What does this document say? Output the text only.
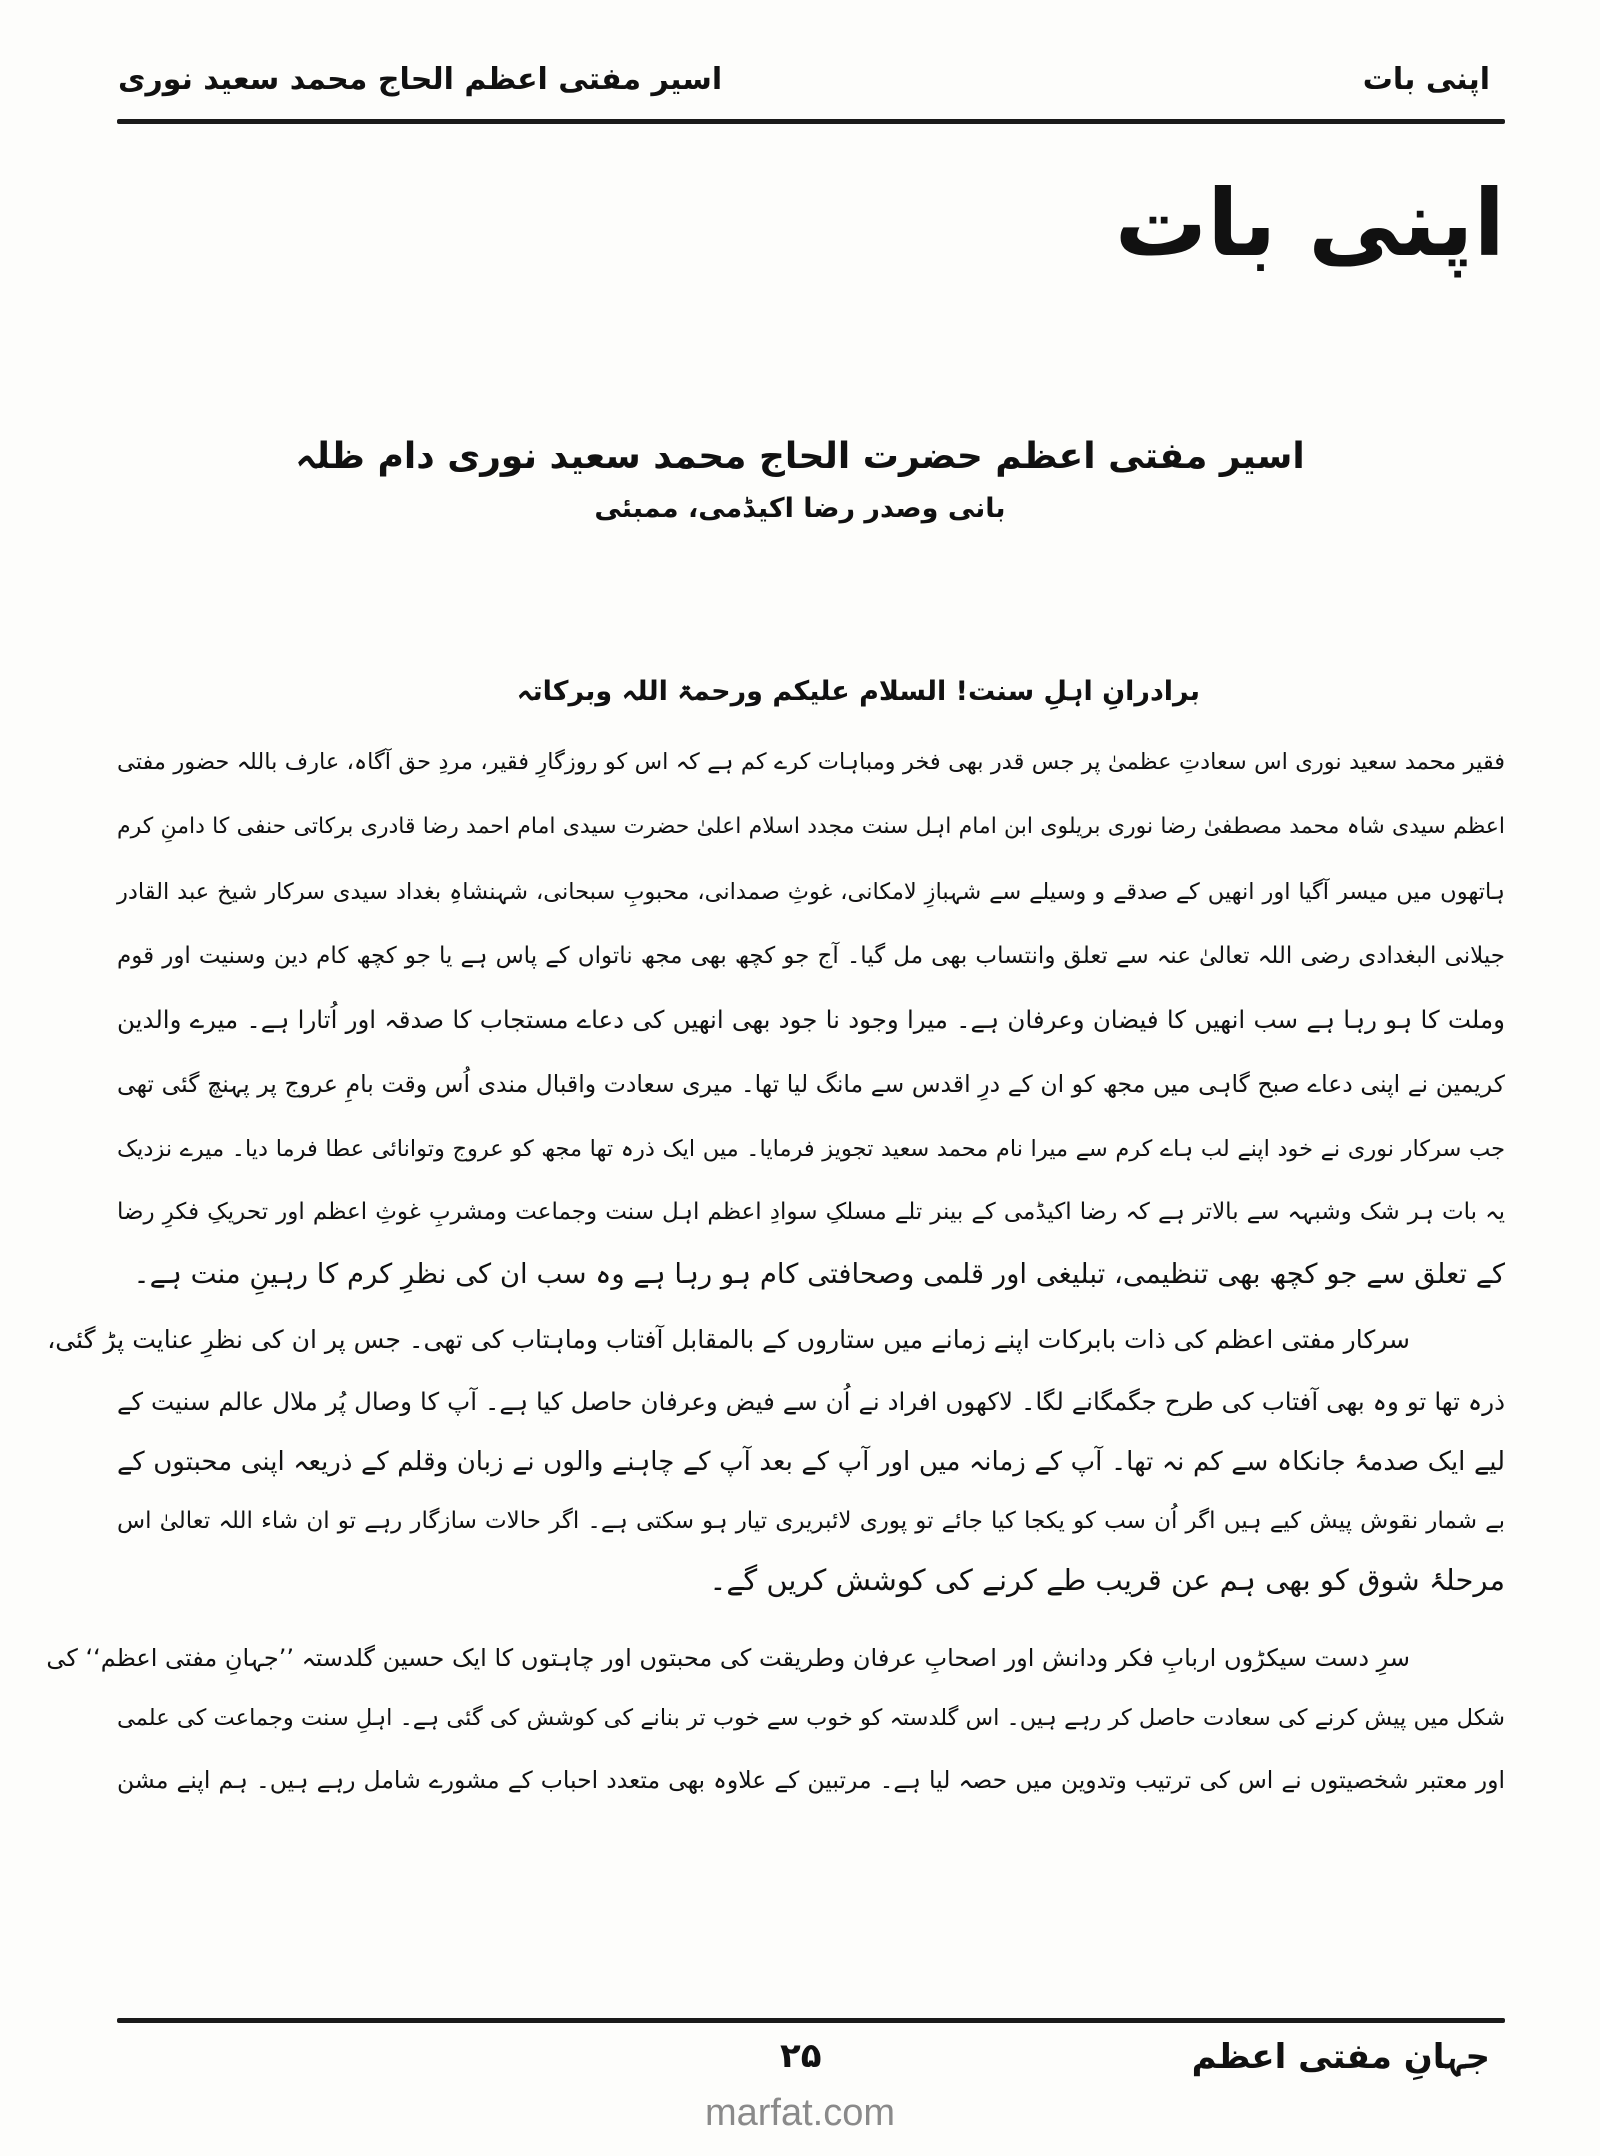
اپنی بات
اسیر مفتی اعظم الحاج محمد سعید نوری
اپنی بات
اسیر مفتی اعظم حضرت الحاج محمد سعید نوری دام ظلہ
بانی وصدر رضا اکیڈمی، ممبئی
برادرانِ اہلِ سنت! السلام علیکم ورحمۃ اللہ وبرکاتہ
فقیر محمد سعید نوری اس سعادتِ عظمیٰ پر جس قدر بھی فخر ومباہات کرے کم ہے کہ اس کو روزگارِ فقیر، مردِ حق آگاہ، عارف باللہ حضور مفتی
اعظم سیدی شاہ محمد مصطفیٰ رضا نوری بریلوی ابن امام اہل سنت مجدد اسلام اعلیٰ حضرت سیدی امام احمد رضا قادری برکاتی حنفی کا دامنِ کرم
ہاتھوں میں میسر آگیا اور انھیں کے صدقے و وسیلے سے شہبازِ لامکانی، غوثِ صمدانی، محبوبِ سبحانی، شہنشاہِ بغداد سیدی سرکار شیخ عبد القادر
جیلانی البغدادی رضی اللہ تعالیٰ عنہ سے تعلق وانتساب بھی مل گیا۔ آج جو کچھ بھی مجھ ناتواں کے پاس ہے یا جو کچھ کام دین وسنیت اور قوم
وملت کا ہو رہا ہے سب انھیں کا فیضان وعرفان ہے۔ میرا وجود نا جود بھی انھیں کی دعاے مستجاب کا صدقہ اور اُتارا ہے۔ میرے والدین
کریمین نے اپنی دعاے صبح گاہی میں مجھ کو ان کے درِ اقدس سے مانگ لیا تھا۔ میری سعادت واقبال مندی اُس وقت بامِ عروج پر پہنچ گئی تھی
جب سرکار نوری نے خود اپنے لب ہاے کرم سے میرا نام محمد سعید تجویز فرمایا۔ میں ایک ذرہ تھا مجھ کو عروج وتوانائی عطا فرما دیا۔ میرے نزدیک
یہ بات ہر شک وشبہہ سے بالاتر ہے کہ رضا اکیڈمی کے بینر تلے مسلکِ سوادِ اعظم اہل سنت وجماعت ومشربِ غوثِ اعظم اور تحریکِ فکرِ رضا
کے تعلق سے جو کچھ بھی تنظیمی، تبلیغی اور قلمی وصحافتی کام ہو رہا ہے وہ سب ان کی نظرِ کرم کا رہینِ منت ہے۔
سرکار مفتی اعظم کی ذات بابرکات اپنے زمانے میں ستاروں کے بالمقابل آفتاب وماہتاب کی تھی۔ جس پر ان کی نظرِ عنایت پڑ گئی،
ذرہ تھا تو وہ بھی آفتاب کی طرح جگمگانے لگا۔ لاکھوں افراد نے اُن سے فیض وعرفان حاصل کیا ہے۔ آپ کا وصال پُر ملال عالم سنیت کے
لیے ایک صدمۂ جانکاہ سے کم نہ تھا۔ آپ کے زمانہ میں اور آپ کے بعد آپ کے چاہنے والوں نے زبان وقلم کے ذریعہ اپنی محبتوں کے
بے شمار نقوش پیش کیے ہیں اگر اُن سب کو یکجا کیا جائے تو پوری لائبریری تیار ہو سکتی ہے۔ اگر حالات سازگار رہے تو ان شاء اللہ تعالیٰ اس
مرحلۂ شوق کو بھی ہم عن قریب طے کرنے کی کوشش کریں گے۔
سرِ دست سیکڑوں اربابِ فکر ودانش اور اصحابِ عرفان وطریقت کی محبتوں اور چاہتوں کا ایک حسین گلدستہ ’’جہانِ مفتی اعظم‘‘ کی
شکل میں پیش کرنے کی سعادت حاصل کر رہے ہیں۔ اس گلدستہ کو خوب سے خوب تر بنانے کی کوشش کی گئی ہے۔ اہلِ سنت وجماعت کی علمی
اور معتبر شخصیتوں نے اس کی ترتیب وتدوین میں حصہ لیا ہے۔ مرتبین کے علاوہ بھی متعدد احباب کے مشورے شامل رہے ہیں۔ ہم اپنے مشن
جہانِ مفتی اعظم
۲۵
marfat.com
